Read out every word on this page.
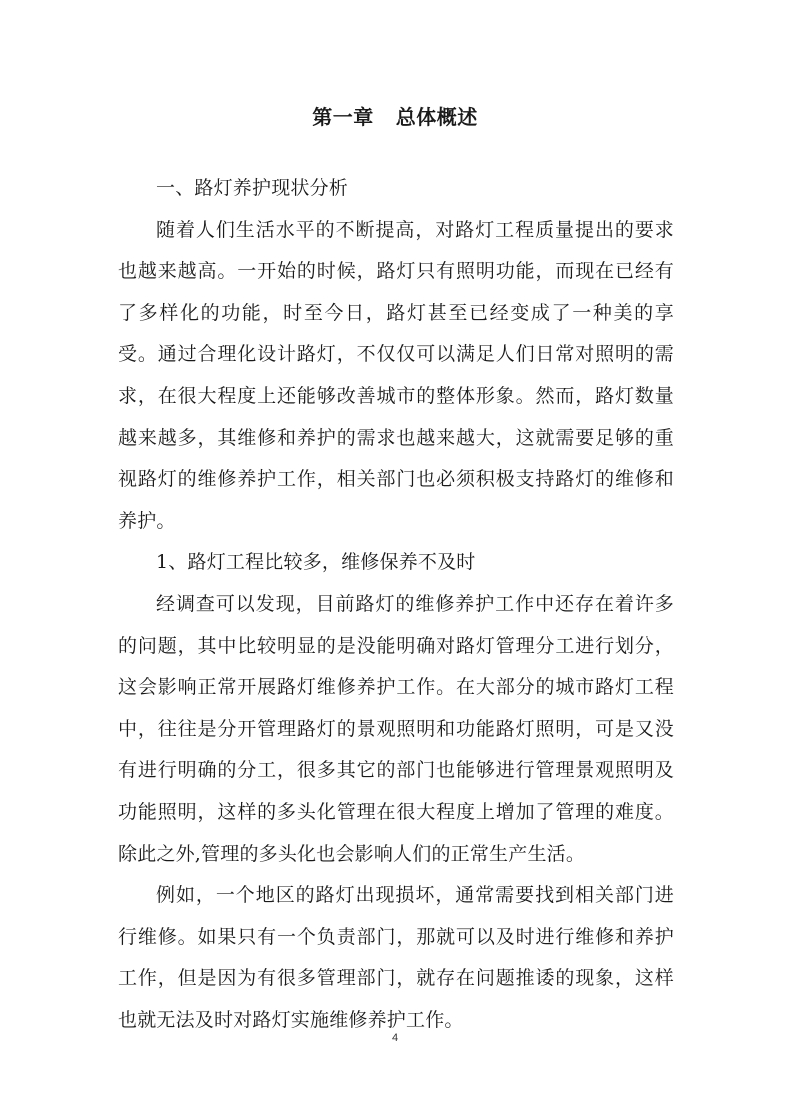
第一章 总体概述

一、路灯养护现状分析

随着人们生活水平的不断提高，对路灯工程质量提出的要求也越来越高。一开始的时候，路灯只有照明功能，而现在已经有了多样化的功能，时至今日，路灯甚至已经变成了一种美的享受。通过合理化设计路灯，不仅仅可以满足人们日常对照明的需求，在很大程度上还能够改善城市的整体形象。然而，路灯数量越来越多，其维修和养护的需求也越来越大，这就需要足够的重视路灯的维修养护工作，相关部门也必须积极支持路灯的维修和养护。

1、路灯工程比较多，维修保养不及时

经调查可以发现，目前路灯的维修养护工作中还存在着许多的问题，其中比较明显的是没能明确对路灯管理分工进行划分，这会影响正常开展路灯维修养护工作。在大部分的城市路灯工程中，往往是分开管理路灯的景观照明和功能路灯照明，可是又没有进行明确的分工，很多其它的部门也能够进行管理景观照明及功能照明，这样的多头化管理在很大程度上增加了管理的难度。除此之外,管理的多头化也会影响人们的正常生产生活。

例如，一个地区的路灯出现损坏，通常需要找到相关部门进行维修。如果只有一个负责部门，那就可以及时进行维修和养护工作，但是因为有很多管理部门，就存在问题推诿的现象，这样也就无法及时对路灯实施维修养护工作。

4
